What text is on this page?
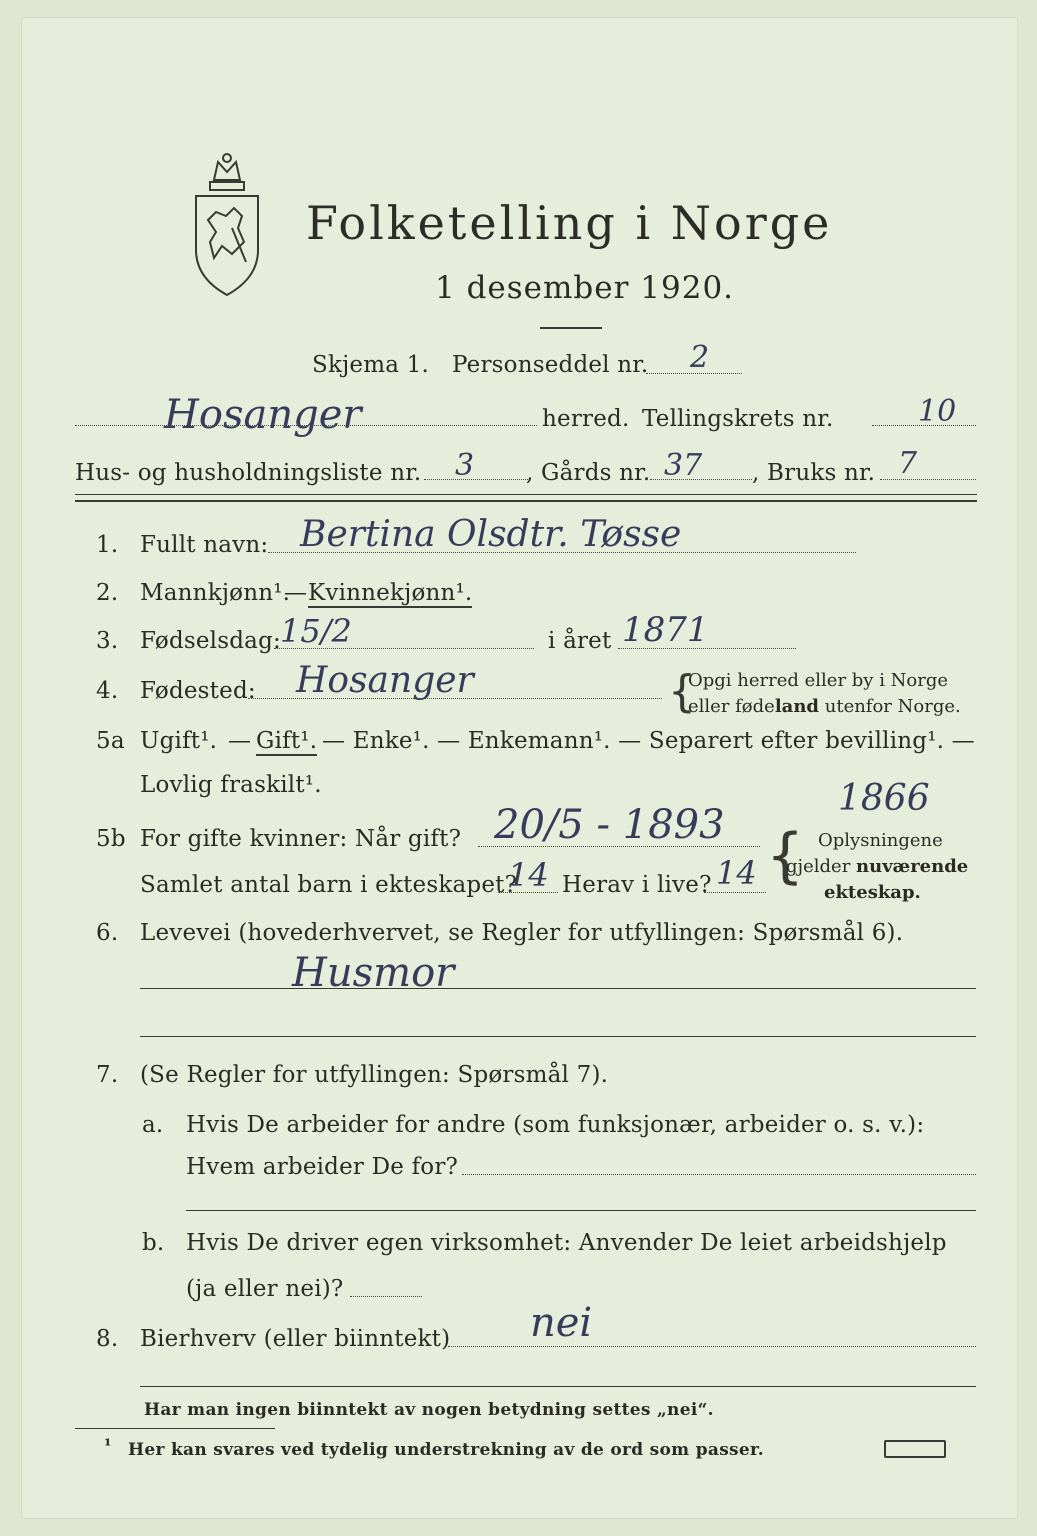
Folketelling i Norge
1 desember 1920.
Skjema 1. Personseddel nr. 2
Hosanger	herred. Tellingskrets nr.	10
Hus- og husholdningsliste nr. 3 , Gårds nr. 37 , Bruks nr. 7
1. Fullt navn: Bertina Olsdtr. Tøsse
2. Mannkjønn¹.
— Kvinnekjønn¹.
3. Fødselsdag: 15/2	i året 1871
4. Fødested: Hosanger	{
Opgi herred eller by i Norge
eller fødeland utenfor Norge.
5a Ugift¹. — Gift¹. — Enke¹. — Enkemann¹. — Separert efter bevilling¹. —
Lovlig fraskilt¹.
5b For gifte kvinner: Når gift? 20/5 - 1893
1866
Samlet antal barn i ekteskapet?
14 Herav i live? 14 { Oplysningene
gjelder nuværende
ekteskap.
6. Levevei (hovederhvervet, se Regler for utfyllingen: Spørsmål 6).
Husmor
7. (Se Regler for utfyllingen: Spørsmål 7).
a. Hvis De arbeider for andre (som funksjonær, arbeider o. s. v.):
Hvem arbeider De for?
b. Hvis De driver egen virksomhet: Anvender De leiet arbeidshjelp
(ja eller nei)?
8. Bierhverv (eller biinntekt) nei
Har man ingen biinntekt av nogen betydning settes „nei“.
¹ Her kan svares ved tydelig understrekning av de ord som passer.
